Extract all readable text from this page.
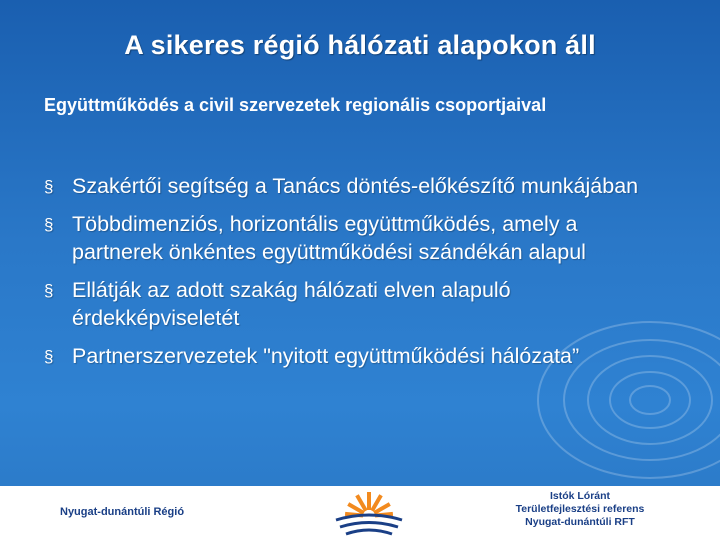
A sikeres régió hálózati alapokon áll
Együttműködés a civil szervezetek regionális csoportjaival
§ Szakértői segítség a Tanács döntés-előkészítő munkájában
§ Többdimenziós, horizontális együttműködés, amely a partnerek önkéntes együttműködési szándékán alapul
§ Ellátják az adott szakág hálózati elven alapuló érdekképviseletét
§ Partnerszervezetek "nyitott együttműködési hálózata”
Nyugat-dunántúli Régió
Istók Lóránt
Területfejlesztési referens
Nyugat-dunántúli RFT
